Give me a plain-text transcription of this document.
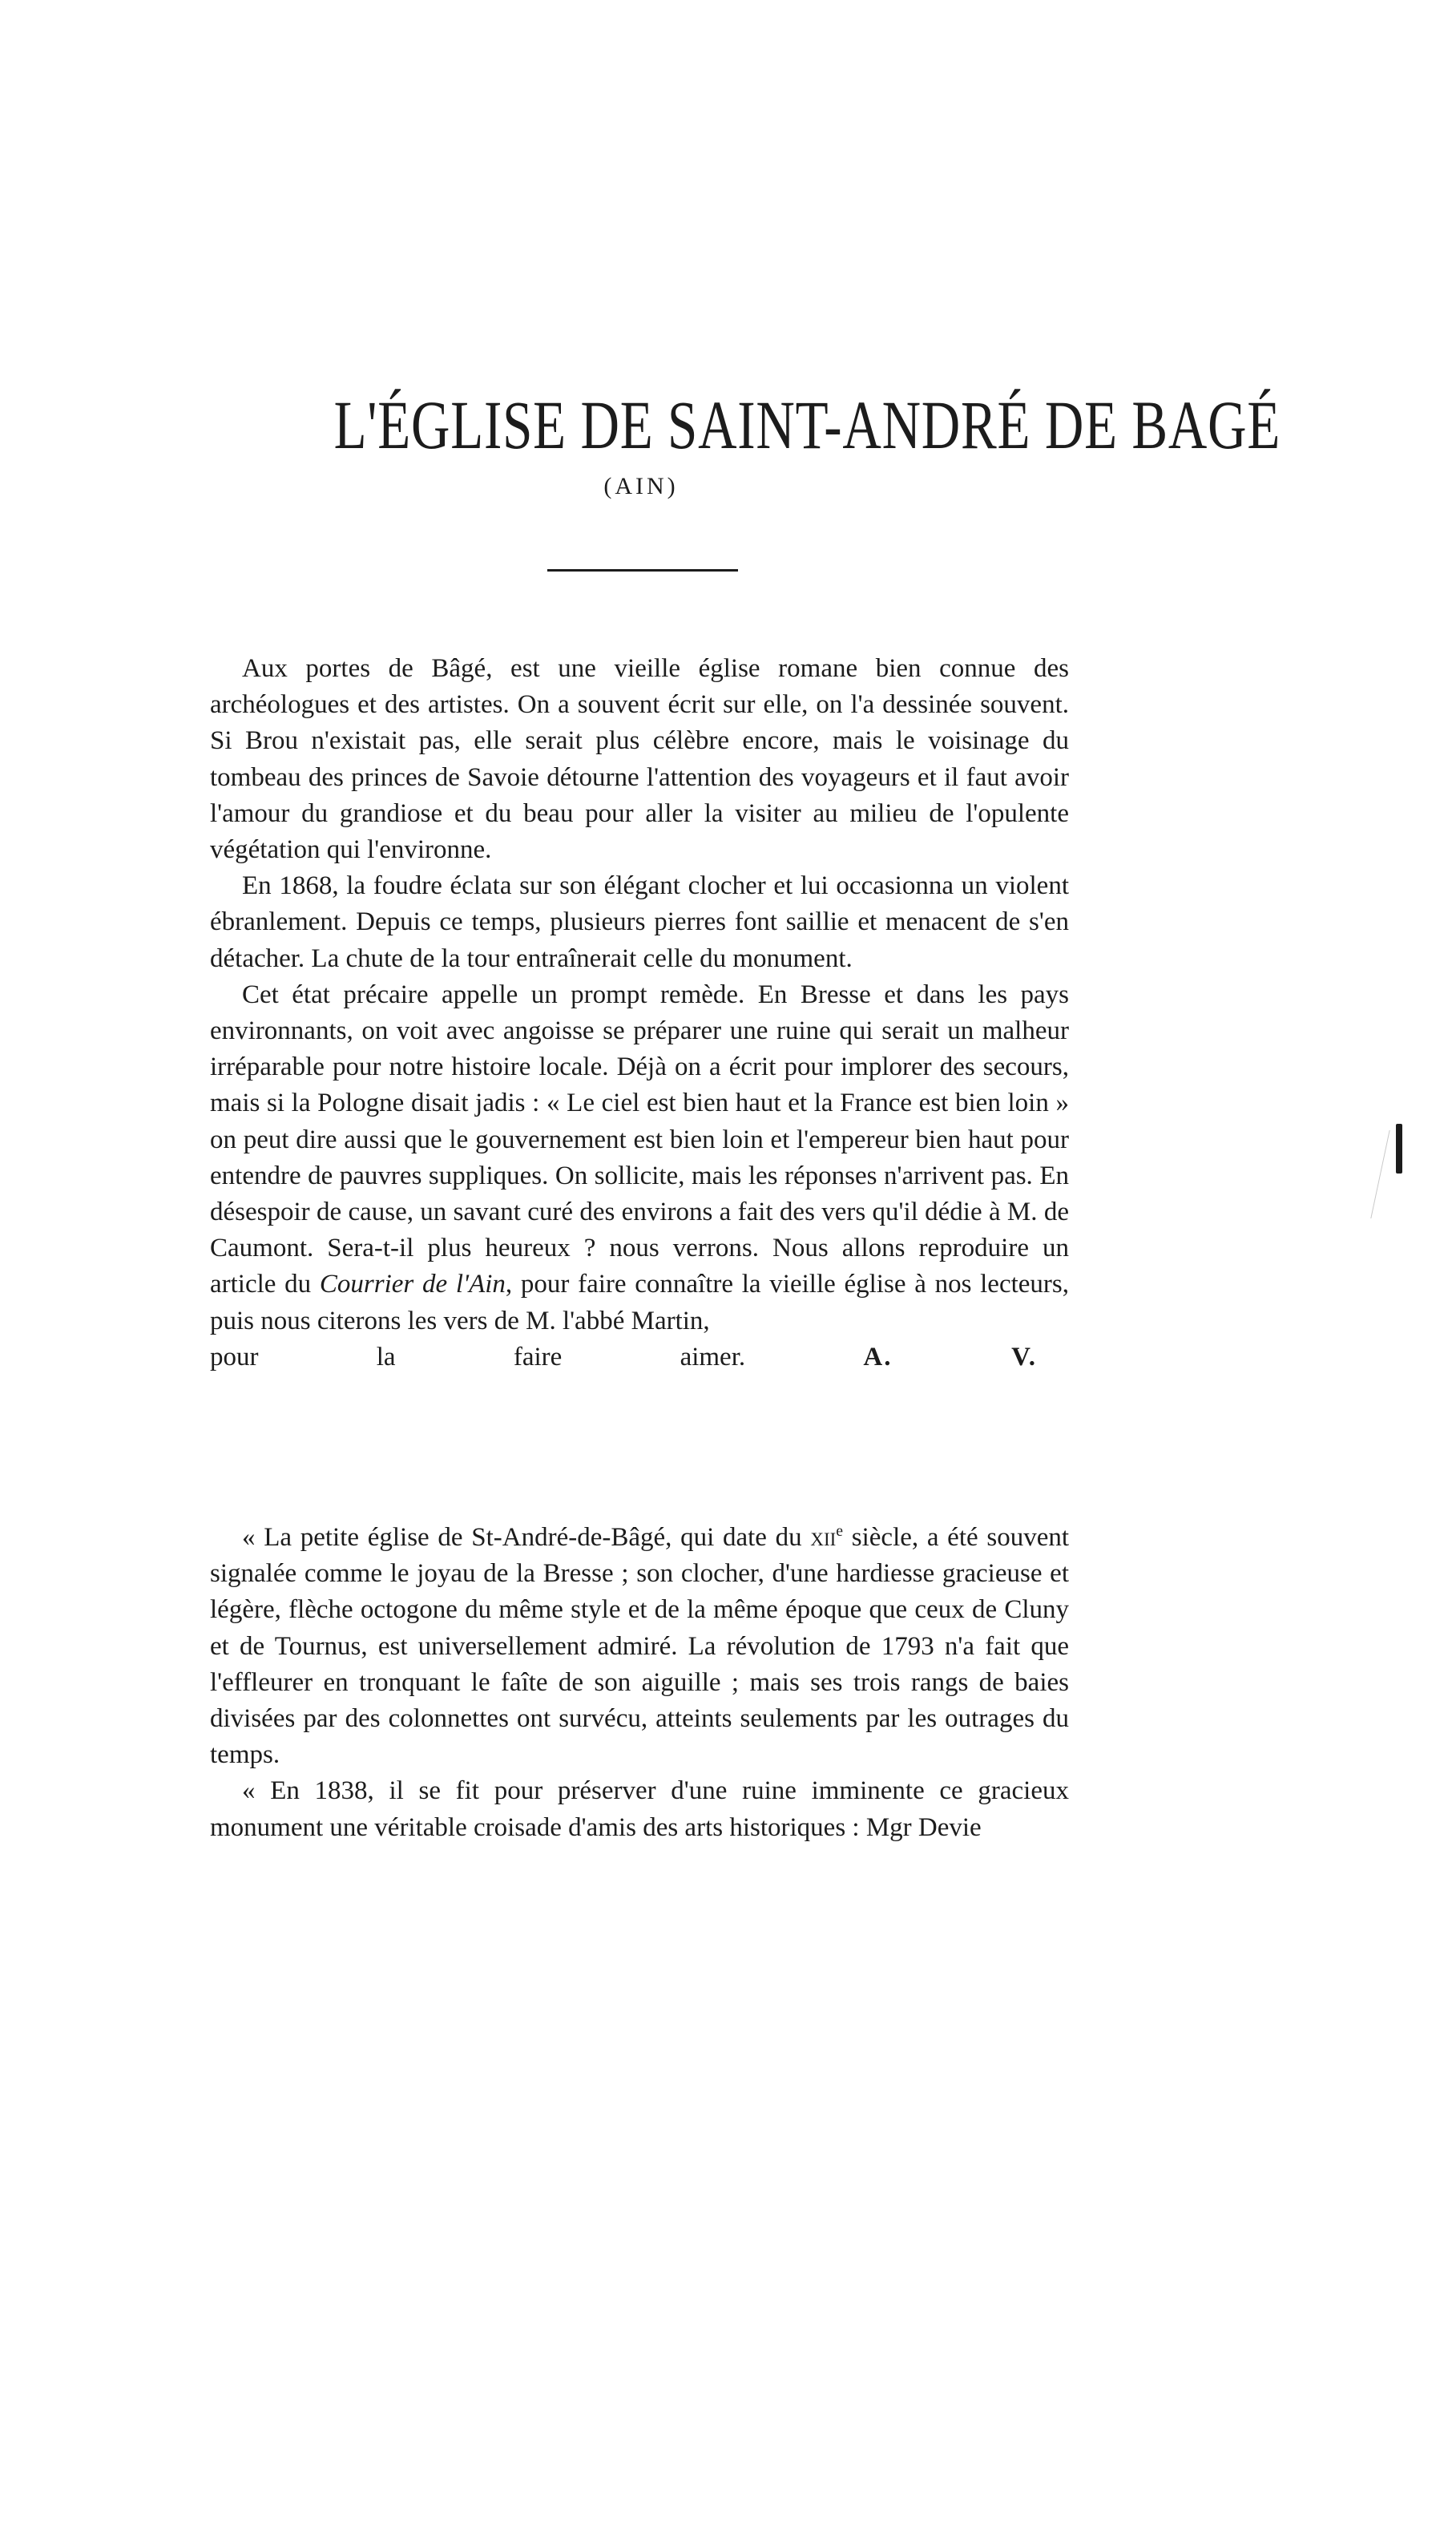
L'ÉGLISE DE SAINT-ANDRÉ DE BAGÉ
(AIN)

Aux portes de Bâgé, est une vieille église romane bien connue des archéologues et des artistes. On a souvent écrit sur elle, on l'a dessinée souvent. Si Brou n'existait pas, elle serait plus célèbre encore, mais le voisinage du tombeau des princes de Savoie détourne l'attention des voyageurs et il faut avoir l'amour du grandiose et du beau pour aller la visiter au milieu de l'opulente végétation qui l'environne.

En 1868, la foudre éclata sur son élégant clocher et lui occasionna un violent ébranlement. Depuis ce temps, plusieurs pierres font saillie et menacent de s'en détacher. La chute de la tour entraînerait celle du monument.

Cet état précaire appelle un prompt remède. En Bresse et dans les pays environnants, on voit avec angoisse se préparer une ruine qui serait un malheur irréparable pour notre histoire locale. Déjà on a écrit pour implorer des secours, mais si la Pologne disait jadis : « Le ciel est bien haut et la France est bien loin » on peut dire aussi que le gouvernement est bien loin et l'empereur bien haut pour entendre de pauvres suppliques. On sollicite, mais les réponses n'arrivent pas. En désespoir de cause, un savant curé des environs a fait des vers qu'il dédie à M. de Caumont. Sera-t-il plus heureux ? nous verrons. Nous allons reproduire un article du Courrier de l'Ain, pour faire connaître la vieille église à nos lecteurs, puis nous citerons les vers de M. l'abbé Martin,

pour la faire aimer.	A. V.

« La petite église de St-André-de-Bâgé, qui date du xii$^e$ siècle, a été souvent signalée comme le joyau de la Bresse ; son clocher, d'une hardiesse gracieuse et légère, flèche octogone du même style et de la même époque que ceux de Cluny et de Tournus, est universellement admiré. La révolution de 1793 n'a fait que l'effleurer en tronquant le faîte de son aiguille ; mais ses trois rangs de baies divisées par des colonnettes ont survécu, atteints seulements par les outrages du temps.

« En 1838, il se fit pour préserver d'une ruine imminente ce gracieux monument une véritable croisade d'amis des arts historiques : Mgr Devie
